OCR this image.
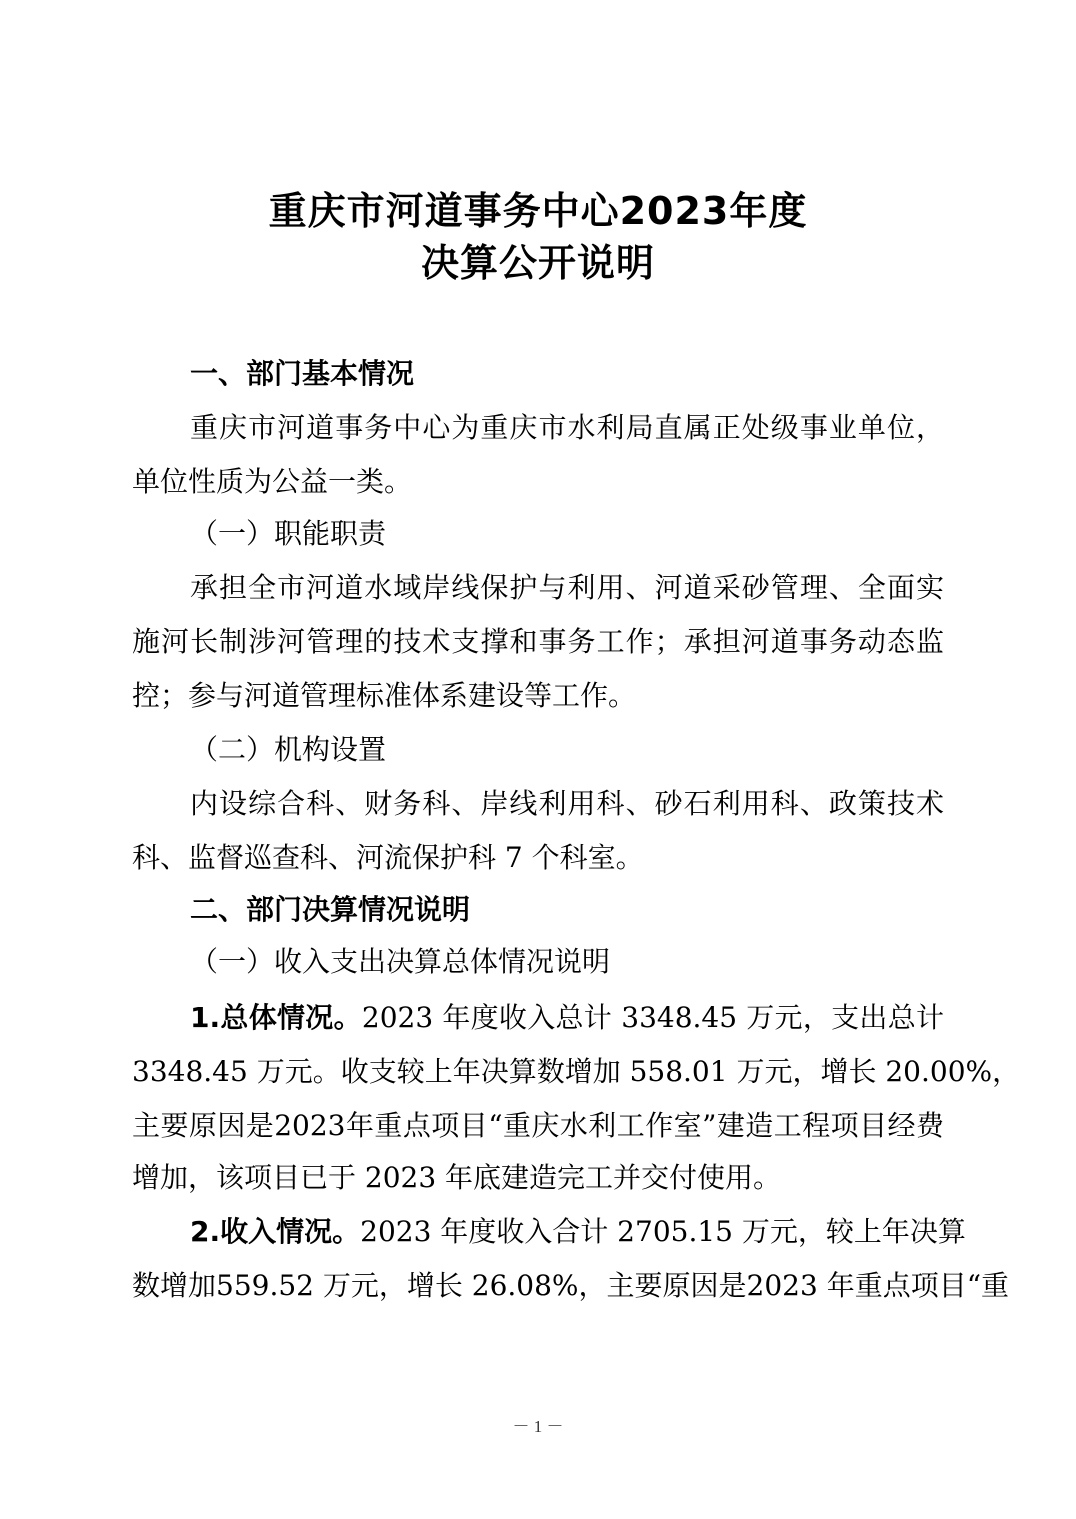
重庆市河道事务中心2023年度
决算公开说明
一、部门基本情况
重庆市河道事务中心为重庆市水利局直属正处级事业单位，
单位性质为公益一类。
（一）职能职责
承担全市河道水域岸线保护与利用、河道采砂管理、全面实
施河长制涉河管理的技术支撑和事务工作；承担河道事务动态监
控；参与河道管理标准体系建设等工作。
（二）机构设置
内设综合科、财务科、岸线利用科、砂石利用科、政策技术
科、监督巡查科、河流保护科 7 个科室。
二、部门决算情况说明
（一）收入支出决算总体情况说明
1.总体情况。2023 年度收入总计 3348.45 万元，支出总计
3348.45 万元。收支较上年决算数增加 558.01 万元，增长 20.00%，
主要原因是2023年重点项目“重庆水利工作室”建造工程项目经费
增加，该项目已于 2023 年底建造完工并交付使用。
2.收入情况。2023 年度收入合计 2705.15 万元，较上年决算
数增加559.52 万元，增长 26.08%，主要原因是2023 年重点项目“重
－ 1 －
